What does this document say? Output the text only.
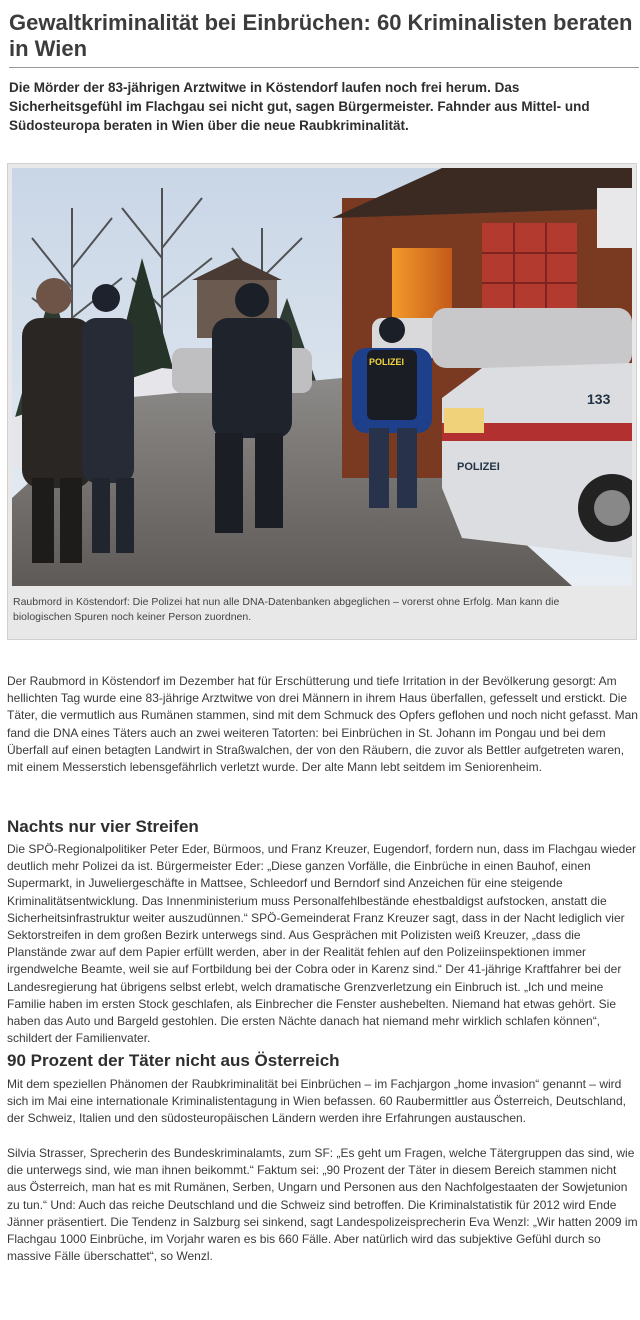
Gewaltkriminalität bei Einbrüchen: 60 Kriminalisten beraten in Wien

Die Mörder der 83-jährigen Arztwitwe in Köstendorf laufen noch frei herum. Das Sicherheitsgefühl im Flachgau sei nicht gut, sagen Bürgermeister. Fahnder aus Mittel- und Südosteuropa beraten in Wien über die neue Raubkriminalität.

POLIZEI
133
POLIZEI

Raubmord in Köstendorf: Die Polizei hat nun alle DNA-Datenbanken abgeglichen – vorerst ohne Erfolg. Man kann die biologischen Spuren noch keiner Person zuordnen.

Der Raubmord in Köstendorf im Dezember hat für Erschütterung und tiefe Irritation in der Bevölkerung gesorgt: Am hellichten Tag wurde eine 83-jährige Arztwitwe von drei Männern in ihrem Haus überfallen, gefesselt und erstickt. Die Täter, die vermutlich aus Rumänen stammen, sind mit dem Schmuck des Opfers geflohen und noch nicht gefasst. Man fand die DNA eines Täters auch an zwei weiteren Tatorten: bei Einbrüchen in St. Johann im Pongau und bei dem Überfall auf einen betagten Landwirt in Straßwalchen, der von den Räubern, die zuvor als Bettler aufgetreten waren, mit einem Messerstich lebensgefährlich verletzt wurde. Der alte Mann lebt seitdem im Seniorenheim.

Nachts nur vier Streifen

Die SPÖ-Regionalpolitiker Peter Eder, Bürmoos, und Franz Kreuzer, Eugendorf, fordern nun, dass im Flachgau wieder deutlich mehr Polizei da ist. Bürgermeister Eder: „Diese ganzen Vorfälle, die Einbrüche in einen Bauhof, einen Supermarkt, in Juweliergeschäfte in Mattsee, Schleedorf und Berndorf sind Anzeichen für eine steigende Kriminalitätsentwicklung. Das Innenministerium muss Personalfehlbestände ehestbaldigst aufstocken, anstatt die Sicherheitsinfrastruktur weiter auszudünnen.“ SPÖ-Gemeinderat Franz Kreuzer sagt, dass in der Nacht lediglich vier Sektorstreifen in dem großen Bezirk unterwegs sind. Aus Gesprächen mit Polizisten weiß Kreuzer, „dass die Planstände zwar auf dem Papier erfüllt werden, aber in der Realität fehlen auf den Polizeiinspektionen immer irgendwelche Beamte, weil sie auf Fortbildung bei der Cobra oder in Karenz sind.“ Der 41-jährige Kraftfahrer bei der Landesregierung hat übrigens selbst erlebt, welch dramatische Grenzverletzung ein Einbruch ist. „Ich und meine Familie haben im ersten Stock geschlafen, als Einbrecher die Fenster aushebelten. Niemand hat etwas gehört. Sie haben das Auto und Bargeld gestohlen. Die ersten Nächte danach hat niemand mehr wirklich schlafen können“, schildert der Familienvater.

90 Prozent der Täter nicht aus Österreich

Mit dem speziellen Phänomen der Raubkriminalität bei Einbrüchen – im Fachjargon „home invasion“ genannt – wird sich im Mai eine internationale Kriminalistentagung in Wien befassen. 60 Raubermittler aus Österreich, Deutschland, der Schweiz, Italien und den südosteuropäischen Ländern werden ihre Erfahrungen austauschen.

Silvia Strasser, Sprecherin des Bundeskriminalamts, zum SF: „Es geht um Fragen, welche Tätergruppen das sind, wie die unterwegs sind, wie man ihnen beikommt.“ Faktum sei: „90 Prozent der Täter in diesem Bereich stammen nicht aus Österreich, man hat es mit Rumänen, Serben, Ungarn und Personen aus den Nachfolgestaaten der Sowjetunion zu tun.“ Und: Auch das reiche Deutschland und die Schweiz sind betroffen. Die Kriminalstatistik für 2012 wird Ende Jänner präsentiert. Die Tendenz in Salzburg sei sinkend, sagt Landespolizeisprecherin Eva Wenzl: „Wir hatten 2009 im Flachgau 1000 Einbrüche, im Vorjahr waren es bis 660 Fälle. Aber natürlich wird das subjektive Gefühl durch so massive Fälle überschattet“, so Wenzl.
